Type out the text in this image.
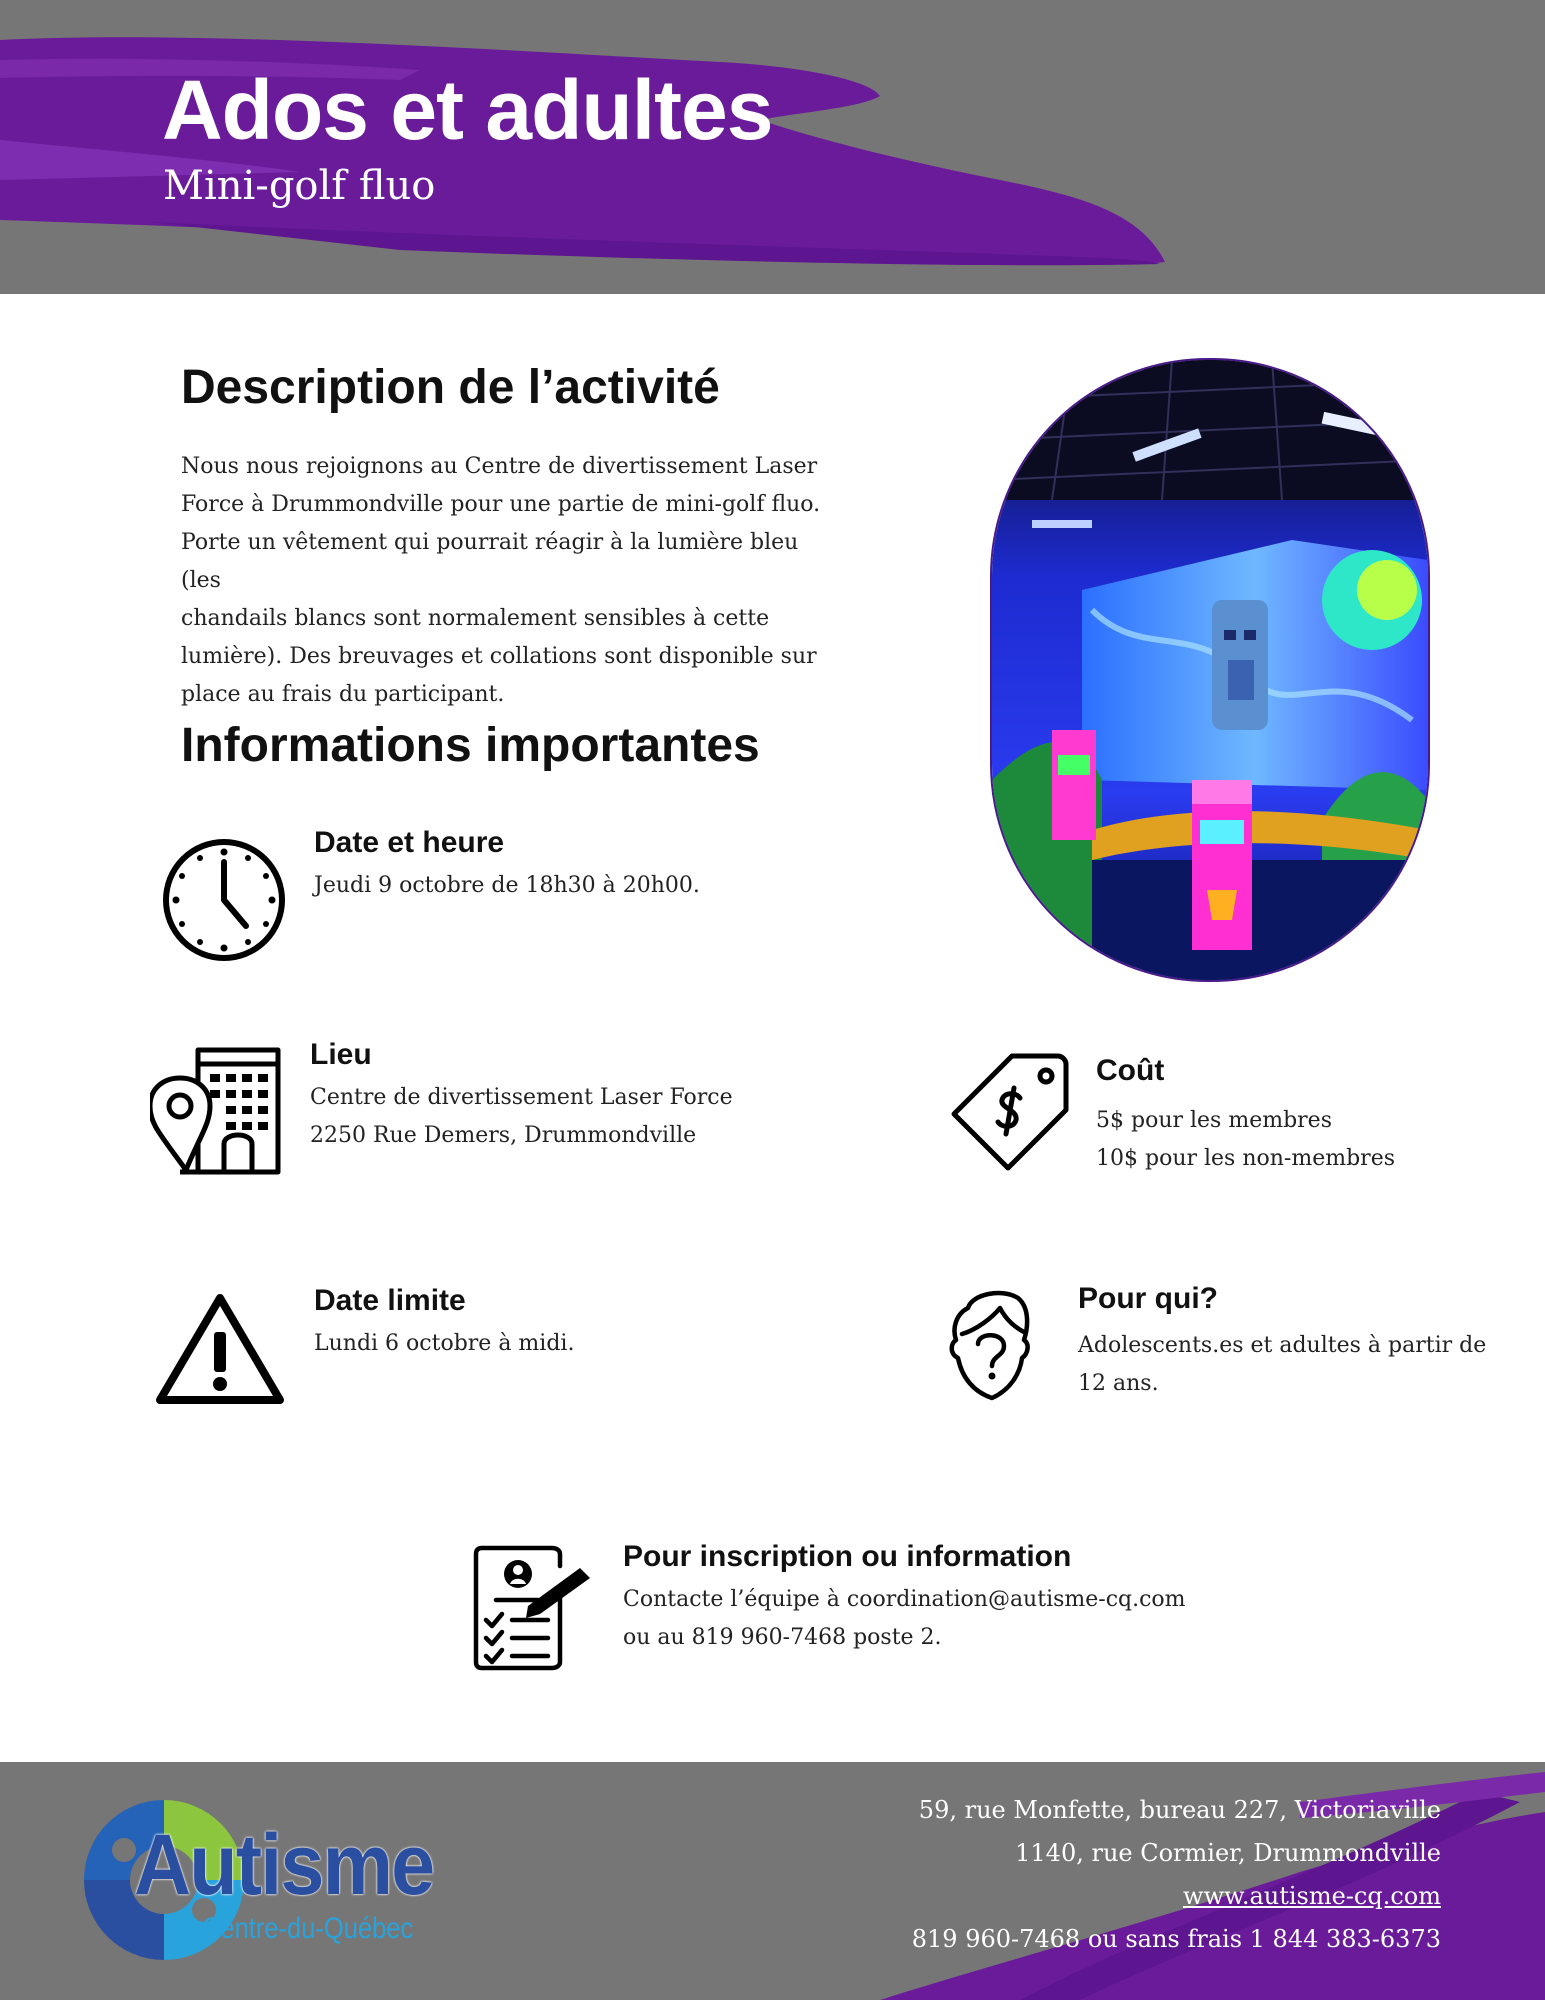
Ados et adultes
Mini-golf fluo
Description de l’activité
Nous nous rejoignons au Centre de divertissement Laser
Force à Drummondville pour une partie de mini-golf fluo.
Porte un vêtement qui pourrait réagir à la lumière bleu (les
chandails blancs sont normalement sensibles à cette
lumière). Des breuvages et collations sont disponible sur
place au frais du participant.
Informations importantes
Date et heure
Jeudi 9 octobre de 18h30 à 20h00.
Lieu
Centre de divertissement Laser Force
2250 Rue Demers, Drummondville
Coût
5$ pour les membres
10$ pour les non-membres
Date limite
Lundi 6 octobre à midi.
Pour qui?
Adolescents.es et adultes à partir de
12 ans.
Pour inscription ou information
Contacte l’équipe à coordination@autisme-cq.com
ou au 819 960-7468 poste 2.
Autisme
Centre-du-Québec
59, rue Monfette, bureau 227, Victoriaville
1140, rue Cormier, Drummondville
www.autisme-cq.com
819 960-7468 ou sans frais 1 844 383-6373
